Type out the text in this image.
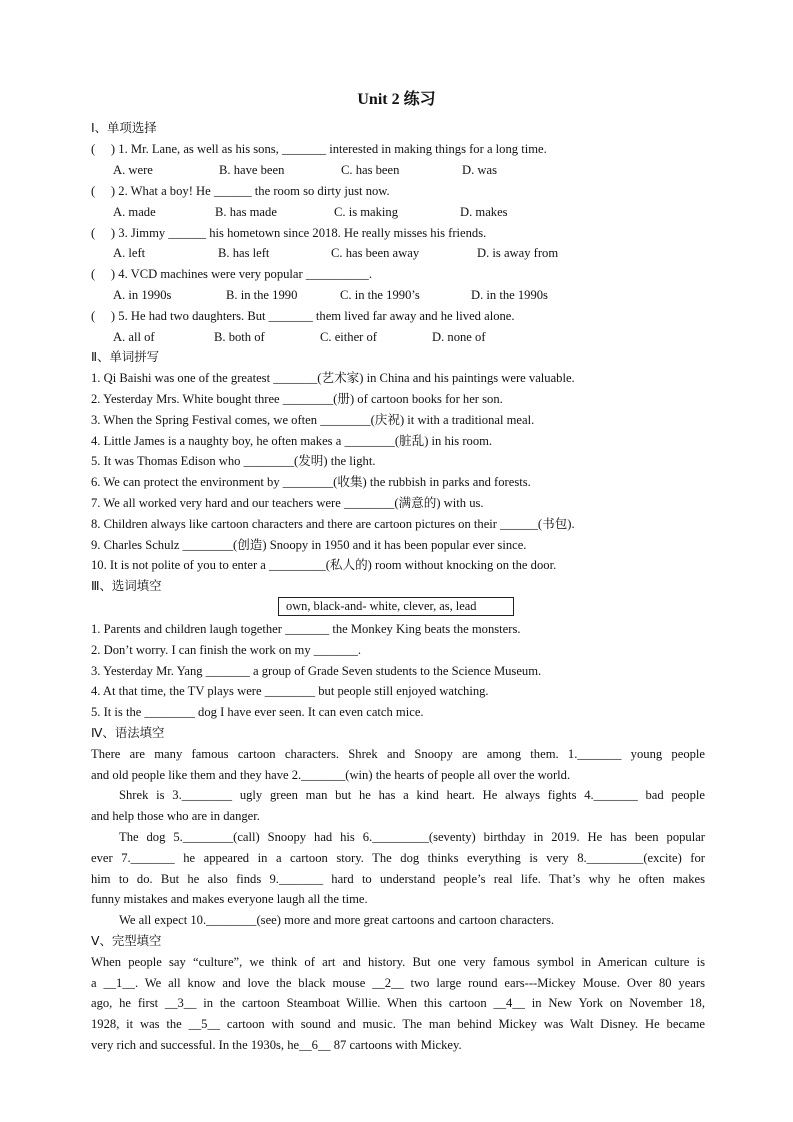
Unit 2 练习
Ⅰ、单项选择
(     ) 1. Mr. Lane, as well as his sons, _______ interested in making things for a long time.
A. were	B. have been	C. has been	D. was
(     ) 2. What a boy! He ______ the room so dirty just now.
A. made	B. has made	C. is making	D. makes
(     ) 3. Jimmy ______ his hometown since 2018. He really misses his friends.
A. left	B. has left	C. has been away	D. is away from
(     ) 4. VCD machines were very popular __________.
A. in 1990s	B. in the 1990	C. in the 1990’s	D. in the 1990s
(     ) 5. He had two daughters. But _______ them lived far away and he lived alone.
A. all of	B. both of	C. either of	D. none of
Ⅱ、单词拼写
1. Qi Baishi was one of the greatest _______(艺术家) in China and his paintings were valuable.
2. Yesterday Mrs. White bought three ________(册) of cartoon books for her son.
3. When the Spring Festival comes, we often ________(庆祝) it with a traditional meal.
4. Little James is a naughty boy, he often makes a ________(脏乱) in his room.
5. It was Thomas Edison who ________(发明) the light.
6. We can protect the environment by ________(收集) the rubbish in parks and forests.
7. We all worked very hard and our teachers were ________(满意的) with us.
8. Children always like cartoon characters and there are cartoon pictures on their ______(书包).
9. Charles Schulz ________(创造) Snoopy in 1950 and it has been popular ever since.
10. It is not polite of you to enter a _________(私人的) room without knocking on the door.
Ⅲ、选词填空
own, black-and- white, clever, as, lead
1. Parents and children laugh together _______ the Monkey King beats the monsters.
2. Don’t worry. I can finish the work on my _______.
3. Yesterday Mr. Yang _______ a group of Grade Seven students to the Science Museum.
4. At that time, the TV plays were ________ but people still enjoyed watching.
5. It is the ________ dog I have ever seen. It can even catch mice.
Ⅳ、语法填空
There are many famous cartoon characters. Shrek and Snoopy are among them. 1._______ young people
and old people like them and they have 2._______(win) the hearts of people all over the world.
Shrek is 3.________ ugly green man but he has a kind heart. He always fights 4._______ bad people
and help those who are in danger.
The dog 5.________(call) Snoopy had his 6._________(seventy) birthday in 2019. He has been popular
ever 7._______ he appeared in a cartoon story. The dog thinks everything is very 8._________(excite) for
him to do. But he also finds 9._______ hard to understand people’s real life. That’s why he often makes
funny mistakes and makes everyone laugh all the time.
We all expect 10.________(see) more and more great cartoons and cartoon characters.
Ⅴ、完型填空
When people say “culture”, we think of art and history. But one very famous symbol in American culture is
a __1__. We all know and love the black mouse __2__ two large round ears---Mickey Mouse. Over 80 years
ago, he first __3__ in the cartoon Steamboat Willie. When this cartoon __4__ in New York on November 18,
1928, it was the __5__ cartoon with sound and music. The man behind Mickey was Walt Disney. He became
very rich and successful. In the 1930s, he__6__ 87 cartoons with Mickey.
